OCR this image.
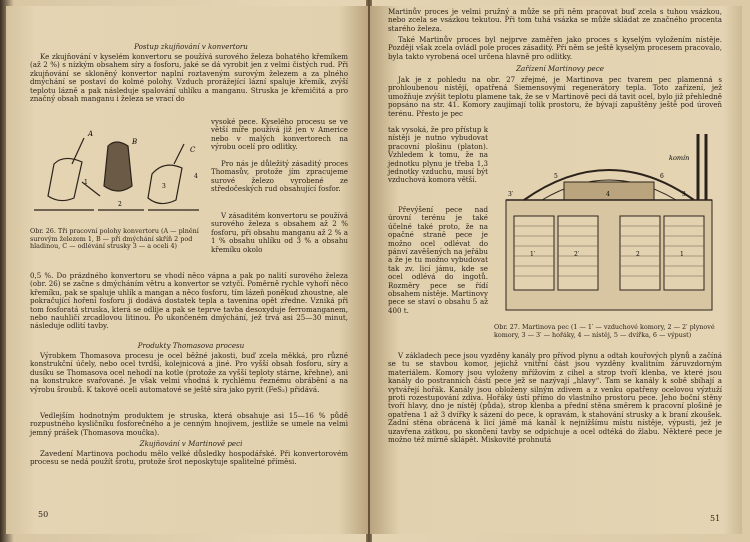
Postup zkujňování v konvertoru

Ke zkujňování v kyselém konvertoru se používá surového železa bohatého křemíkem (až 2 %) s nízkým obsahem síry a fosforu, jaké se dá vyrobit jen z velmi čistých rud. Při zkujňování se skloněný konvertor naplní roztaveným surovým železem a za plného dmýchání se postaví do kolmé polohy. Vzduch prorážející lázní spaluje křemík, zvýší teplotu lázně a pak následuje spalování uhlíku a manganu. Struska je křemičitá a pro značný obsah manganu i železa se vrací do

A
B
C
1
2
3
4

vysoké pece. Kyselého procesu se ve větší míře používá již jen v Americe nebo v malých konvertorech na výrobu ocelí pro odlitky.

Pro nás je důležitý zásaditý proces Thomasův, protože jím zpracujeme surové železo vyrobené ze středočeských rud obsahující fosfor.

V zásaditém konvertoru se používá surového železa s obsahem až 2 % fosforu, při obsahu manganu až 2 % a 1 % obsahu uhlíku od 3 % a obsahu křemíku okolo

Obr. 26. Tři pracovní polohy konvertoru (A — plnění surovým železem 1, B — při dmýchání skříň 2 pod hladinou, C — odlévání strusky 3 — a oceli 4)

0,5 %. Do prázdného konvertoru se vhodí něco vápna a pak po nalití surového železa (obr. 26) se začne s dmýcháním větru a konvertor se vztyčí. Poměrně rychle vyhoří něco křemíku, pak se spaluje uhlík a mangan a něco fosforu, tím lázeň poněkud zhoustne, ale pokračující hoření fosforu ji dodává dostatek tepla a tavenina opět zředne. Vzniká při tom fosforatá struska, která se odlije a pak se teprve tavba desoxyduje ferromanganem, nebo nauhličí zrcadlovou litinou. Po ukončeném dmýchání, jež trvá asi 25—30 minut, následuje odlití tavby.

Produkty Thomasova procesu

Výrobkem Thomasova procesu je ocel běžné jakosti, buď zcela měkká, pro různé konstrukční účely, nebo ocel tvrdší, kolejnicová a jiné. Pro vyšší obsah fosforu, síry a dusíku se Thomasova ocel nehodí na kotle (protože za vyšší teploty stárne, křehne), ani na konstrukce svařované. Je však velmi vhodná k rychlému řeznému obrábění a na výrobu šroubů. K takové oceli automatové se ještě síra jako pyrit (FeS₂) přidává.

Vedlejším hodnotným produktem je struska, která obsahuje asi 15—16 % půdě rozpustného kysličníku fosforečného a je cenným hnojivem, jestliže se umele na velmi jemný prášek (Thomasova moučka).

Zkujňování v Martinově peci

Zavedení Martinova pochodu mělo velké důsledky hospodářské. Při konvertorovém procesu se nedá použít šrotu, protože šrot neposkytuje spalitelné příměsi.

50

Martinův proces je velmi pružný a může se při něm pracovat buď zcela s tuhou vsázkou, nebo zcela se vsázkou tekutou. Při tom tuhá vsázka se může skládat ze značného procenta starého železa.

Také Martinův proces byl nejprve zaměřen jako proces s kyselým vyložením nístěje. Později však zcela ovládl pole proces zásaditý. Při něm se ještě kyselým procesem pracovalo, byla takto vyrobená ocel určena hlavně pro odlitky.

Zařízení Martinovy pece

Jak je z pohledu na obr. 27 zřejmé, je Martinova pec tvarem pec plamenná s prohloubenou nístějí, opatřená Siemensovými regenerátory tepla. Toto zařízení, jež umožňuje zvýšit teplotu plamene tak, že se v Martinově peci dá tavit ocel, bylo již přehledně popsáno na str. 41. Komory zaujímají tolik prostoru, že bývají zapuštěny ještě pod úroveň terénu. Přesto je pec

tak vysoká, že pro přístup k nístěji je nutno vybudovat pracovní plošinu (platon). Vzhledem k tomu, že na jednotku plynu je třeba 1,3 jednotky vzduchu, musí být vzduchová komora větší.

Převýšení pece nad úrovní terénu je také účelné také proto, že na opačné straně pece je možno ocel odlévat do pánví zavěšených na jeřábu a že je tu možno vybudovat tak zv. licí jámu, kde se ocel odlévá do ingotů. Rozměry pece se řídí obsahem nístěje. Martinovy pece se staví o obsahu 5 až 400 t.

komín
3′	3
1′	2′	2	1
4
5	6

Obr. 27. Martinova pec (1 — 1′ — vzduchové komory, 2 — 2′ plynové komory, 3 — 3′ — hořáky, 4 — nístěj, 5 — dvířka, 6 — výpust)

V základech pece jsou vyzděny kanály pro přívod plynu a odtah kouřových plynů a začíná se tu se stavbou komor, jejichž vnitřní část jsou vyzděny kvalitním žáruvzdorným materiálem. Komory jsou vyloženy mřížovím z cihel a strop tvoří klenba, ve které jsou kanály do postranních částí pece jež se nazývají „hlavy“. Tam se kanály k sobě sbíhají a vytvářejí hořák. Kanály jsou obloženy silným zdivem a z venku opatřeny ocelovou výztuží proti rozestupování zdiva. Hořáky ústí přímo do vlastního prostoru pece. Jeho boční stěny tvoří hlavy, dno je nístěj (půda), strop klenba a přední stěna směrem k pracovní plošině je opatřena 1 až 3 dvířky k sázení do pece, k opravám, k stahování strusky a k braní zkoušek. Zadní stěna obrácená k licí jámě má kanál k nejnižšímu místu nístěje, výpusti, jež je uzavřena zátkou, po skončení tavby se odpichuje a ocel odtéká do žlabu. Některé pece je možno též mírně sklápět. Miskovité prohnutá

51
